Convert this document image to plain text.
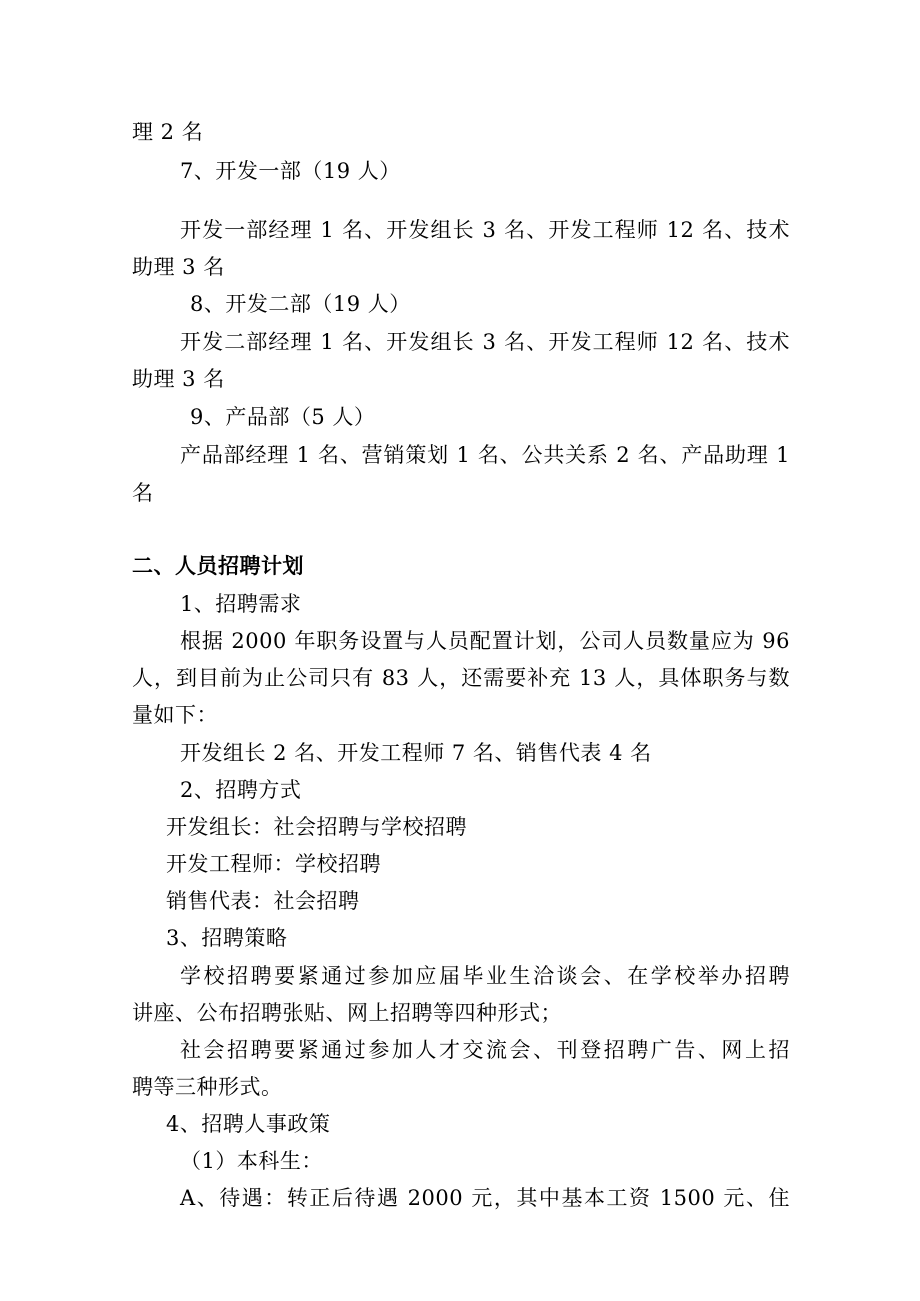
理 2 名
7、开发一部（19 人）
开发一部经理 1 名、开发组长 3 名、开发工程师 12 名、技术
助理 3 名
8、开发二部（19 人）
开发二部经理 1 名、开发组长 3 名、开发工程师 12 名、技术
助理 3 名
9、产品部（5 人）
产品部经理 1 名、营销策划 1 名、公共关系 2 名、产品助理 1
名
二、人员招聘计划
1、招聘需求
根据 2000 年职务设置与人员配置计划，公司人员数量应为 96
人，到目前为止公司只有 83 人，还需要补充 13 人，具体职务与数
量如下：
开发组长 2 名、开发工程师 7 名、销售代表 4 名
2、招聘方式
开发组长：社会招聘与学校招聘
开发工程师：学校招聘
销售代表：社会招聘
3、招聘策略
学校招聘要紧通过参加应届毕业生洽谈会、在学校举办招聘
讲座、公布招聘张贴、网上招聘等四种形式；
社会招聘要紧通过参加人才交流会、刊登招聘广告、网上招
聘等三种形式。
4、招聘人事政策
（1）本科生：
A、待遇：转正后待遇 2000 元，其中基本工资 1500 元、住
